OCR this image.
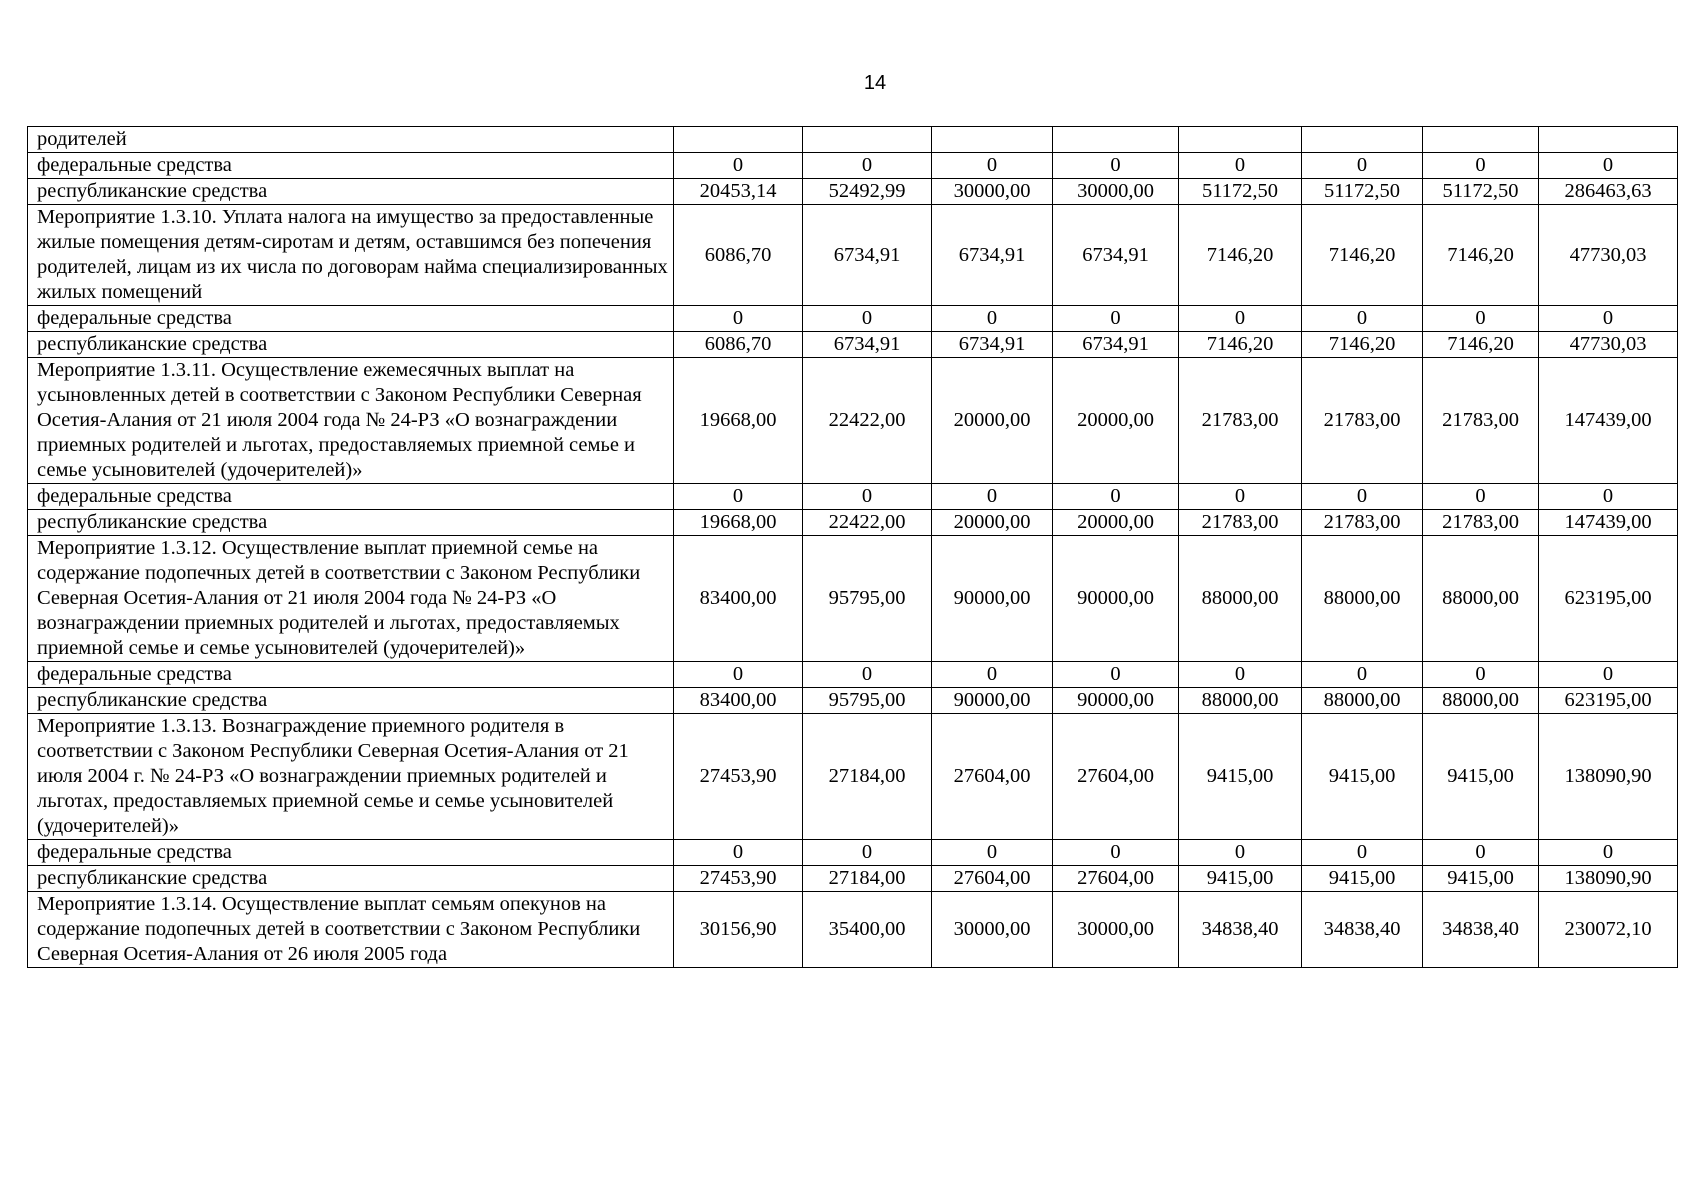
14
родителей								
федеральные средства	0	0	0	0	0	0	0	0
республиканские средства	20453,14	52492,99	30000,00	30000,00	51172,50	51172,50	51172,50	286463,63
Мероприятие 1.3.10. Уплата налога на имущество за предоставленные жилые помещения детям-сиротам и детям, оставшимся без попечения родителей, лицам из их числа по договорам найма специализированных жилых помещений	6086,70	6734,91	6734,91	6734,91	7146,20	7146,20	7146,20	47730,03
федеральные средства	0	0	0	0	0	0	0	0
республиканские средства	6086,70	6734,91	6734,91	6734,91	7146,20	7146,20	7146,20	47730,03
Мероприятие 1.3.11. Осуществление ежемесячных выплат на усыновленных детей в соответствии с Законом Республики Северная Осетия-Алания от 21 июля 2004 года № 24-РЗ «О вознаграждении приемных родителей и льготах, предоставляемых приемной семье и семье усыновителей (удочерителей)»	19668,00	22422,00	20000,00	20000,00	21783,00	21783,00	21783,00	147439,00
федеральные средства	0	0	0	0	0	0	0	0
республиканские средства	19668,00	22422,00	20000,00	20000,00	21783,00	21783,00	21783,00	147439,00
Мероприятие 1.3.12. Осуществление выплат приемной семье на содержание подопечных детей в соответствии с Законом Республики Северная Осетия-Алания от 21 июля 2004 года № 24-РЗ «О вознаграждении приемных родителей и льготах, предоставляемых приемной семье и семье усыновителей (удочерителей)»	83400,00	95795,00	90000,00	90000,00	88000,00	88000,00	88000,00	623195,00
федеральные средства	0	0	0	0	0	0	0	0
республиканские средства	83400,00	95795,00	90000,00	90000,00	88000,00	88000,00	88000,00	623195,00
Мероприятие 1.3.13. Вознаграждение приемного родителя в соответствии с Законом Республики Северная Осетия-Алания от 21 июля 2004 г. № 24-РЗ «О вознаграждении приемных родителей и льготах, предоставляемых приемной семье и семье усыновителей (удочерителей)»	27453,90	27184,00	27604,00	27604,00	9415,00	9415,00	9415,00	138090,90
федеральные средства	0	0	0	0	0	0	0	0
республиканские средства	27453,90	27184,00	27604,00	27604,00	9415,00	9415,00	9415,00	138090,90
Мероприятие 1.3.14. Осуществление выплат семьям опекунов на содержание подопечных детей в соответствии с Законом Республики Северная Осетия-Алания от 26 июля 2005 года	30156,90	35400,00	30000,00	30000,00	34838,40	34838,40	34838,40	230072,10
